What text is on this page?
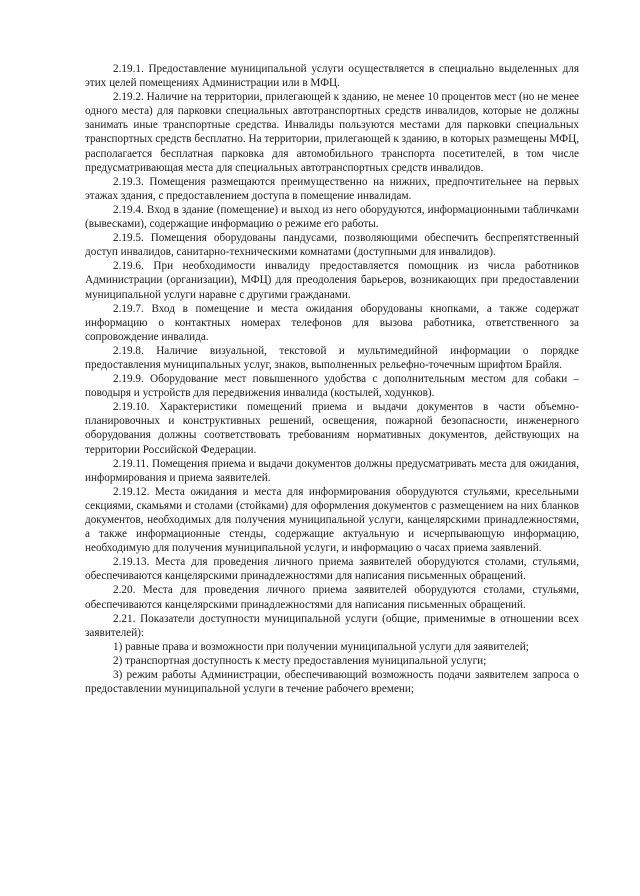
2.19.1. Предоставление муниципальной услуги осуществляется в специально выделенных для этих целей помещениях Администрации или в МФЦ.

2.19.2. Наличие на территории, прилегающей к зданию, не менее 10 процентов мест (но не менее одного места) для парковки специальных автотранспортных средств инвалидов, которые не должны занимать иные транспортные средства. Инвалиды пользуются местами для парковки специальных транспортных средств бесплатно. На территории, прилегающей к зданию, в которых размещены МФЦ, располагается бесплатная парковка для автомобильного транспорта посетителей, в том числе предусматривающая места для специальных автотранспортных средств инвалидов.

2.19.3. Помещения размещаются преимущественно на нижних, предпочтительнее на первых этажах здания, с предоставлением доступа в помещение инвалидам.

2.19.4. Вход в здание (помещение) и выход из него оборудуются, информационными табличками (вывесками), содержащие информацию о режиме его работы.

2.19.5. Помещения оборудованы пандусами, позволяющими обеспечить беспрепятственный доступ инвалидов, санитарно-техническими комнатами (доступными для инвалидов).

2.19.6. При необходимости инвалиду предоставляется помощник из числа работников Администрации (организации), МФЦ) для преодоления барьеров, возникающих при предоставлении муниципальной услуги наравне с другими гражданами.

2.19.7. Вход в помещение и места ожидания оборудованы кнопками, а также содержат информацию о контактных номерах телефонов для вызова работника, ответственного за сопровождение инвалида.

2.19.8. Наличие визуальной, текстовой и мультимедийной информации о порядке предоставления муниципальных услуг, знаков, выполненных рельефно-точечным шрифтом Брайля.

2.19.9. Оборудование мест повышенного удобства с дополнительным местом для собаки – поводыря и устройств для передвижения инвалида (костылей, ходунков).

2.19.10. Характеристики помещений приема и выдачи документов в части объемно-планировочных и конструктивных решений, освещения, пожарной безопасности, инженерного оборудования должны соответствовать требованиям нормативных документов, действующих на территории Российской Федерации.

2.19.11. Помещения приема и выдачи документов должны предусматривать места для ожидания, информирования и приема заявителей.

2.19.12. Места ожидания и места для информирования оборудуются стульями, кресельными секциями, скамьями и столами (стойками) для оформления документов с размещением на них бланков документов, необходимых для получения муниципальной услуги, канцелярскими принадлежностями, а также информационные стенды, содержащие актуальную и исчерпывающую информацию, необходимую для получения муниципальной услуги, и информацию о часах приема заявлений.

2.19.13. Места для проведения личного приема заявителей оборудуются столами, стульями, обеспечиваются канцелярскими принадлежностями для написания письменных обращений.

2.20. Места для проведения личного приема заявителей оборудуются столами, стульями, обеспечиваются канцелярскими принадлежностями для написания письменных обращений.

2.21. Показатели доступности муниципальной услуги (общие, применимые в отношении всех заявителей):

1) равные права и возможности при получении муниципальной услуги для заявителей;

2) транспортная доступность к месту предоставления муниципальной услуги;

3) режим работы Администрации, обеспечивающий возможность подачи заявителем запроса о предоставлении муниципальной услуги в течение рабочего времени;
